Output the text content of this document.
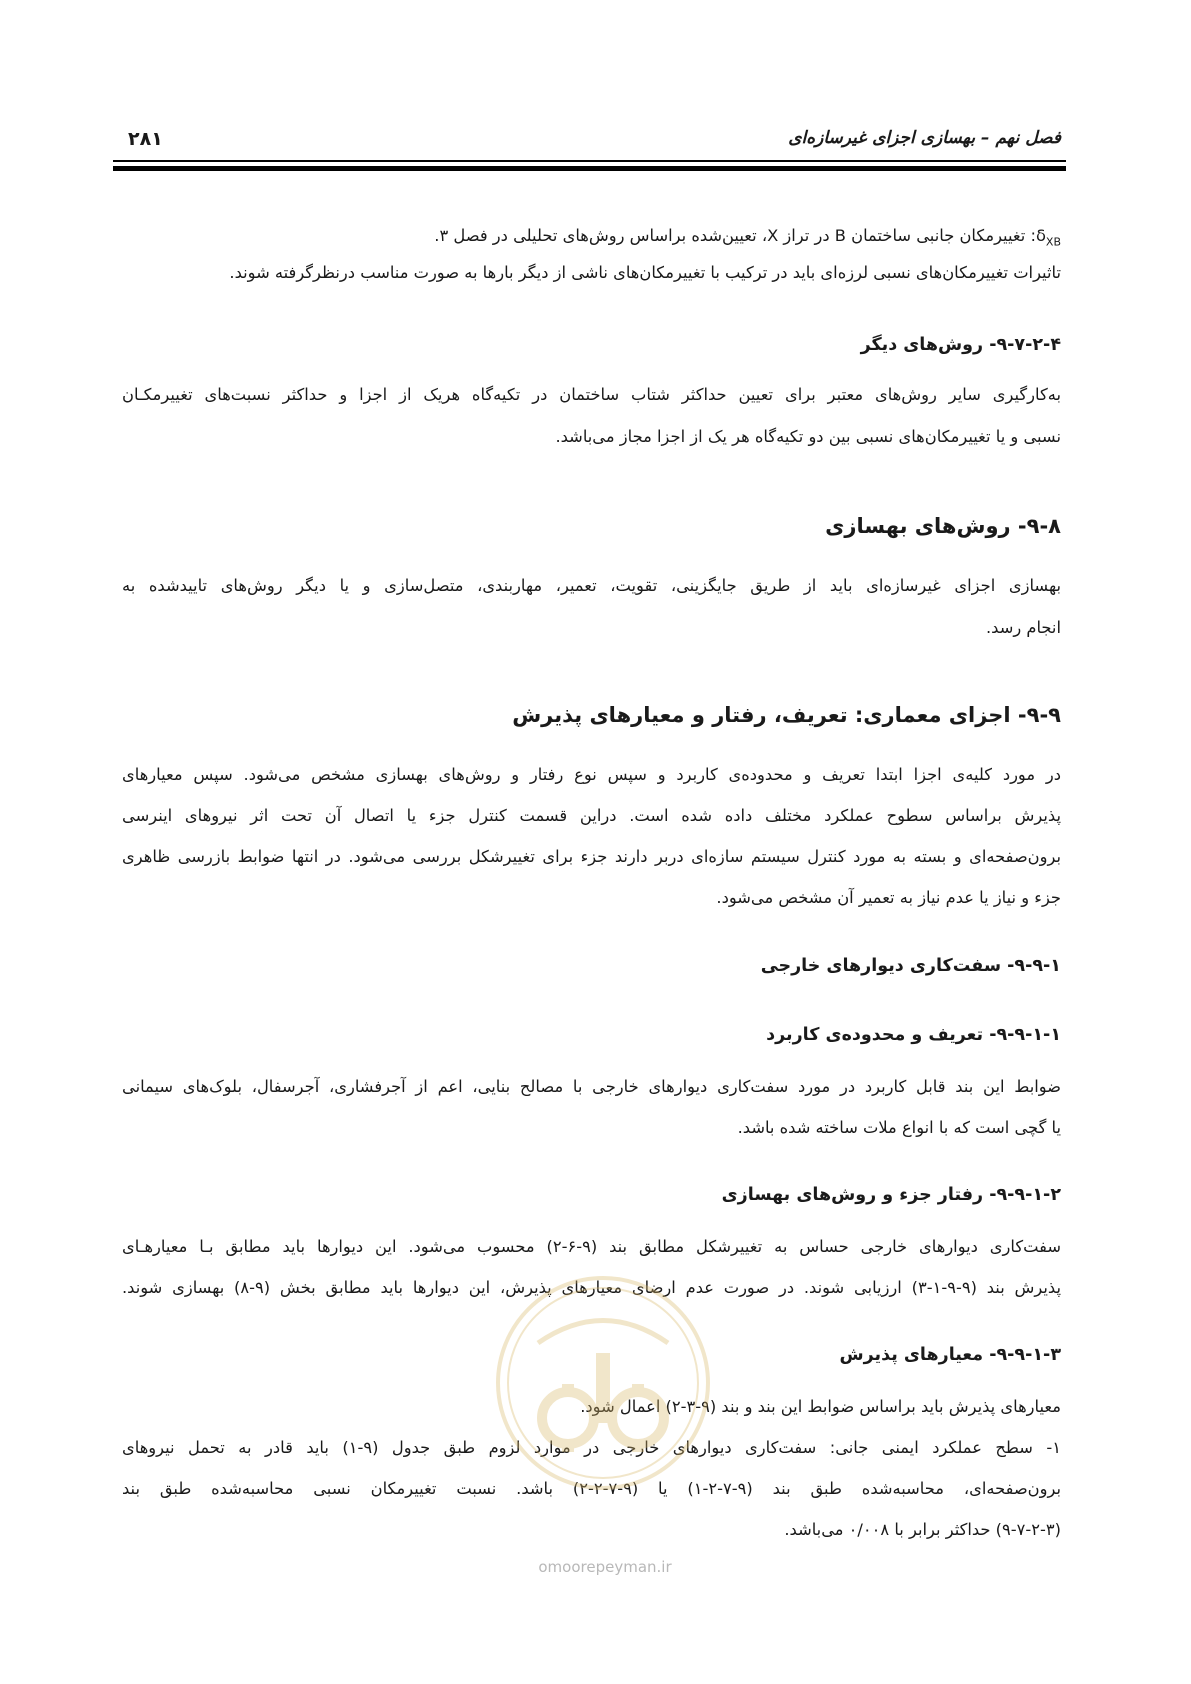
فصل نهم – بهسازی اجزای غیرسازه‌ای
۲۸۱
$\delta_{XB}$: تغییرمکان جانبی ساختمان B در تراز X، تعیین‌شده براساس روش‌های تحلیلی در فصل ۳.
تاثیرات تغییرمکان‌های نسبی لرزه‌ای باید در ترکیب با تغییرمکان‌های ناشی از دیگر بارها به صورت مناسب درنظرگرفته شوند.
۹-۷-۲-۴- روش‌های دیگر
به‌کارگیری سایر روش‌های معتبر برای تعیین حداکثر شتاب ساختمان در تکیه‌گاه هریک از اجزا و حداکثر نسبت‌های تغییرمکـان
نسبی و یا تغییرمکان‌های نسبی بین دو تکیه‌گاه هر یک از اجزا مجاز می‌باشد.
۹-۸- روش‌های بهسازی
بهسازی اجزای غیرسازه‌ای باید از طریق جایگزینی، تقویت، تعمیر، مهاربندی، متصل‌سازی و یا دیگر روش‌های تاییدشده به
انجام رسد.
۹-۹- اجزای معماری: تعریف، رفتار و معیارهای پذیرش
در مورد کلیه‌ی اجزا ابتدا تعریف و محدوده‌ی کاربرد و سپس نوع رفتار و روش‌های بهسازی مشخص می‌شود. سپس معیارهای
پذیرش براساس سطوح عملکرد مختلف داده شده است. دراین قسمت کنترل جزء یا اتصال آن تحت اثر نیروهای اینرسی
برون‌صفحه‌ای و بسته به مورد کنترل سیستم سازه‌ای دربر دارند جزء برای تغییرشکل بررسی می‌شود. در انتها ضوابط بازرسی ظاهری
جزء و نیاز یا عدم نیاز به تعمیر آن مشخص می‌شود.
۹-۹-۱- سفت‌کاری دیوارهای خارجی
۹-۹-۱-۱- تعریف و محدوده‌ی کاربرد
ضوابط این بند قابل کاربرد در مورد سفت‌کاری دیوارهای خارجی با مصالح بنایی، اعم از آجرفشاری، آجرسفال، بلوک‌های سیمانی
یا گچی است که با انواع ملات ساخته شده باشد.
۹-۹-۱-۲- رفتار جزء و روش‌های بهسازی
سفت‌کاری دیوارهای خارجی حساس به تغییرشکل مطابق بند (۹-۶-۲) محسوب می‌شود. این دیوارها باید مطابق بـا معیارهـای
پذیرش بند (۹-۹-۱-۳) ارزیابی شوند. در صورت عدم ارضای معیارهای پذیرش، این دیوارها باید مطابق بخش (۹-۸) بهسازی شوند.
۹-۹-۱-۳- معیارهای پذیرش
معیارهای پذیرش باید براساس ضوابط این بند و بند (۹-۳-۲) اعمال شود.
۱- سطح عملکرد ایمنی جانی: سفت‌کاری دیوارهای خارجی در موارد لزوم طبق جدول (۹-۱) باید قادر به تحمل نیروهای
برون‌صفحه‌ای، محاسبه‌شده طبق بند (۹-۷-۲-۱) یا (۹-۷-۲-۲) باشد. نسبت تغییرمکان نسبی محاسبه‌شده طبق بند
(۹-۷-۲-۳) حداکثر برابر با ۰/۰۰۸ می‌باشد.
omoorepeyman.ir
